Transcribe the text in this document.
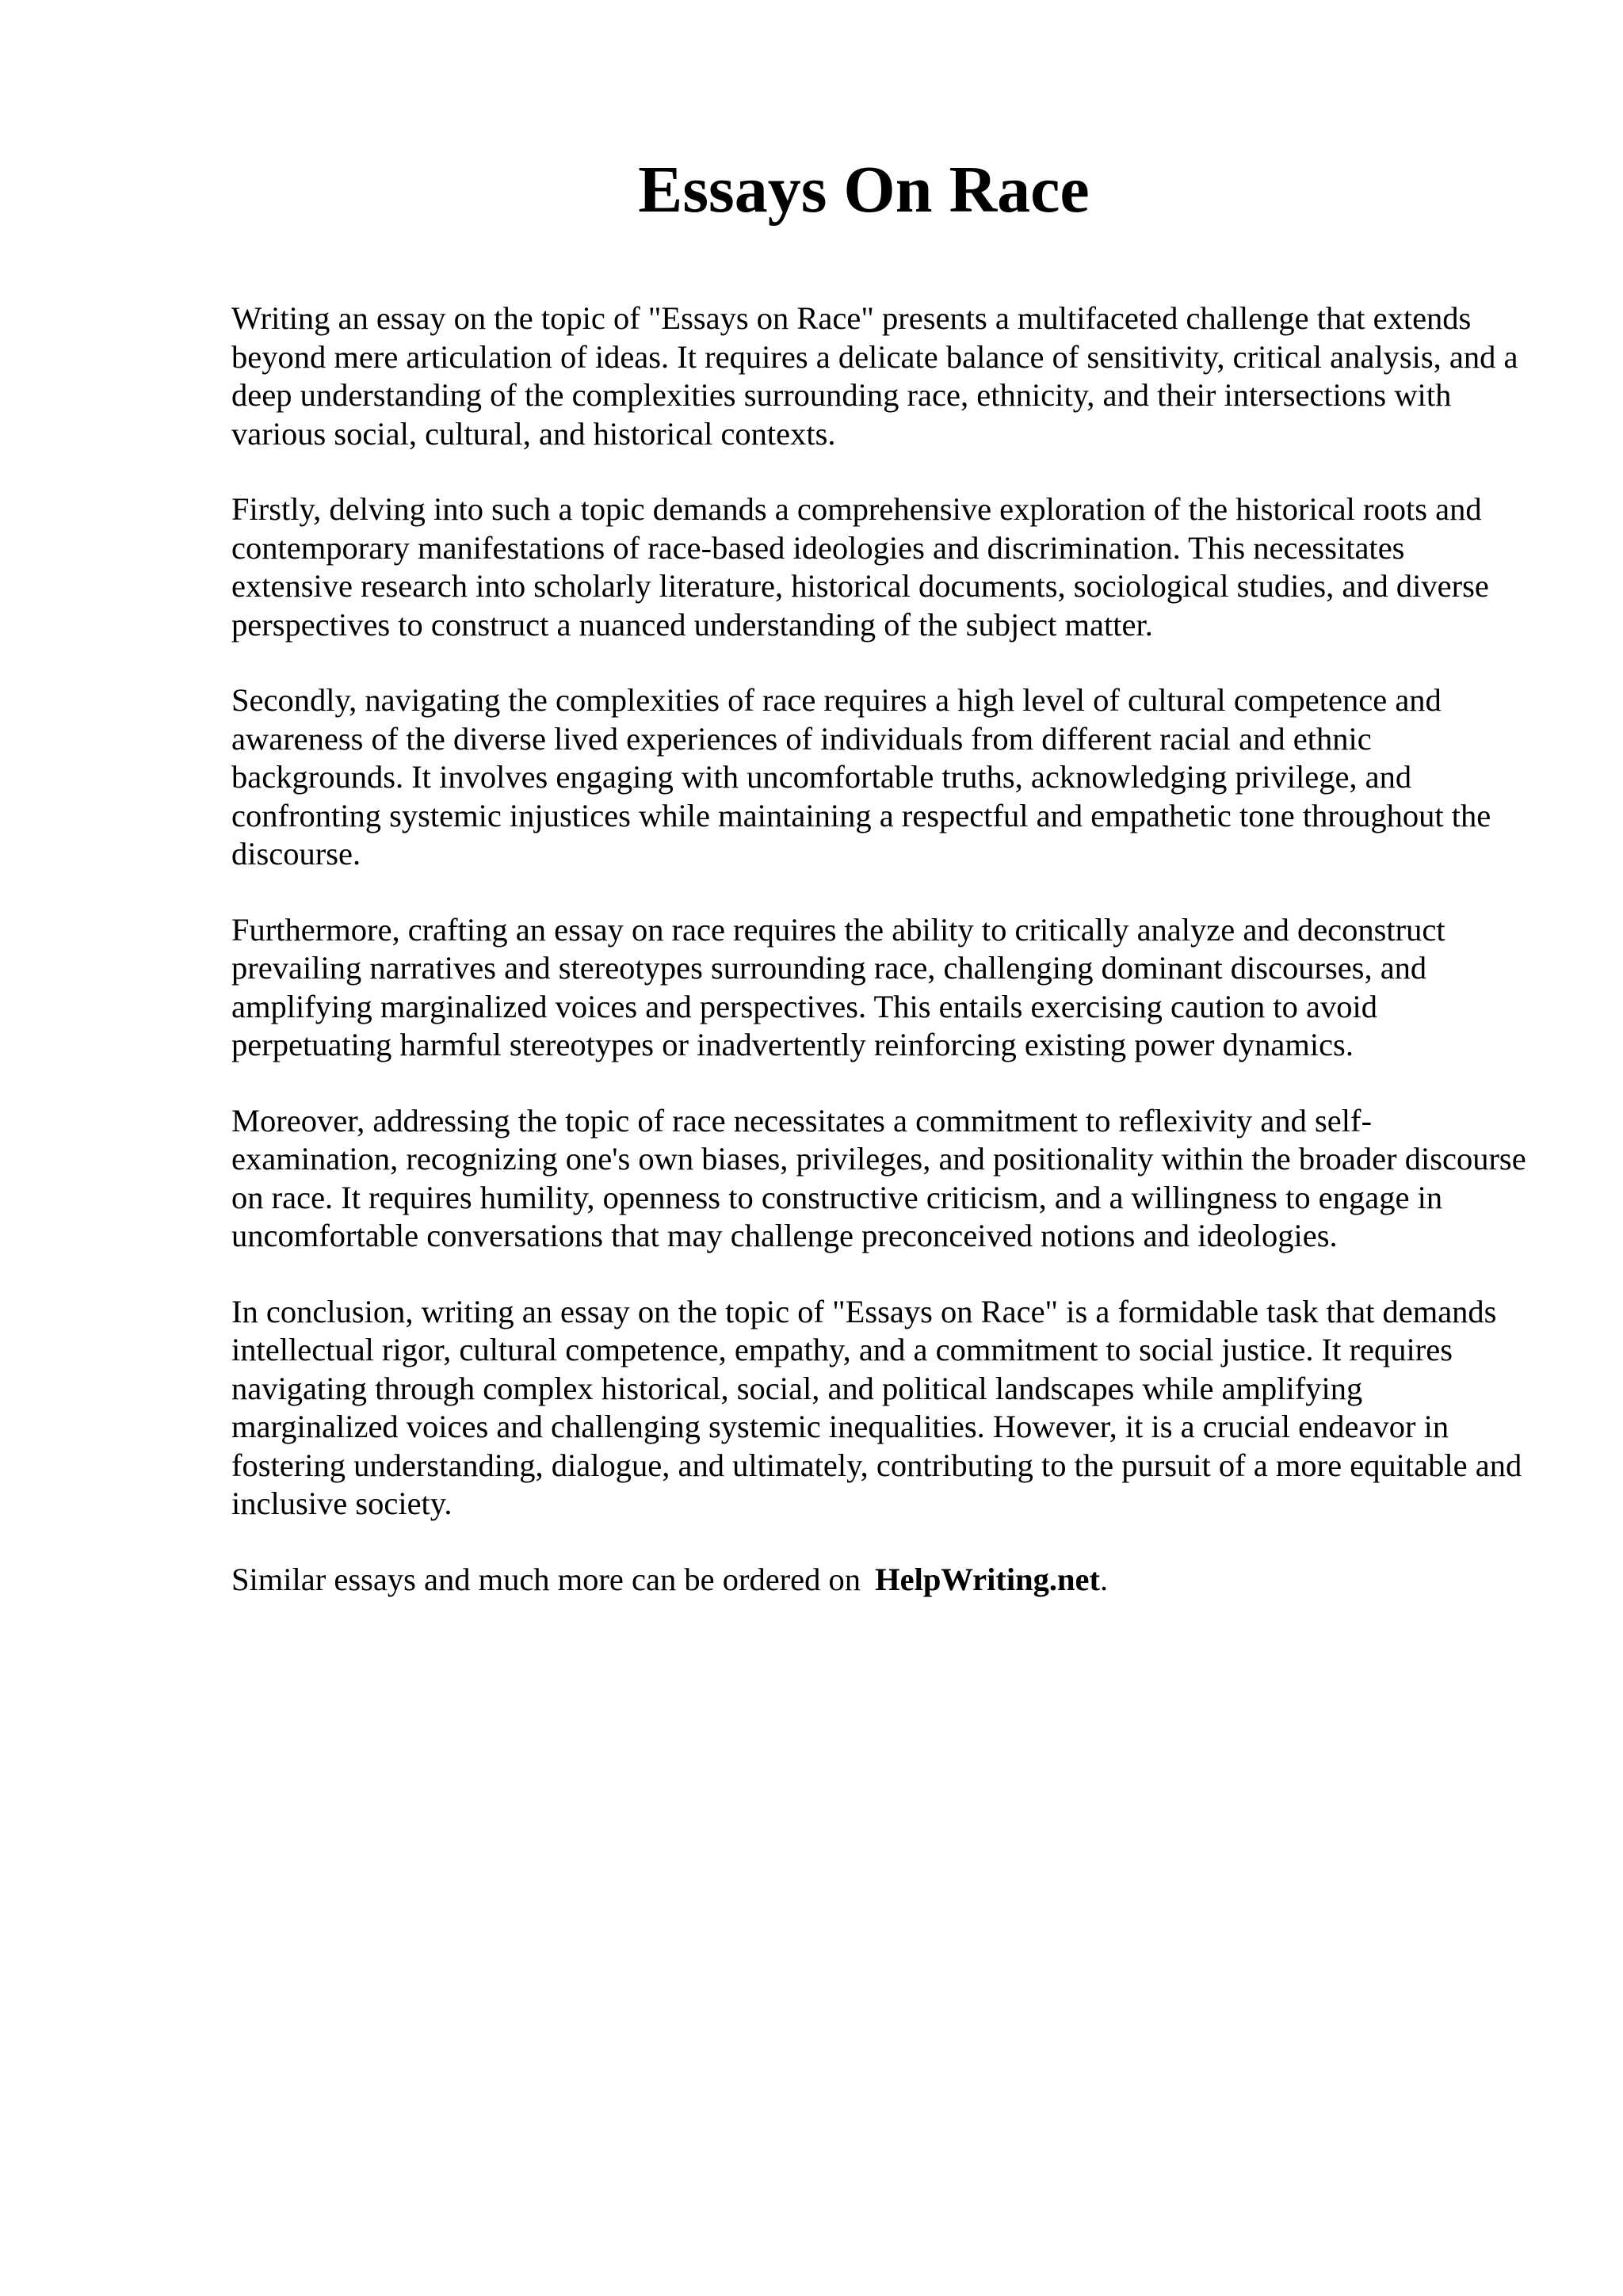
Essays On Race

Writing an essay on the topic of "Essays on Race" presents a multifaceted challenge that extends beyond mere articulation of ideas. It requires a delicate balance of sensitivity, critical analysis, and a deep understanding of the complexities surrounding race, ethnicity, and their intersections with various social, cultural, and historical contexts.

Firstly, delving into such a topic demands a comprehensive exploration of the historical roots and contemporary manifestations of race-based ideologies and discrimination. This necessitates extensive research into scholarly literature, historical documents, sociological studies, and diverse perspectives to construct a nuanced understanding of the subject matter.

Secondly, navigating the complexities of race requires a high level of cultural competence and awareness of the diverse lived experiences of individuals from different racial and ethnic backgrounds. It involves engaging with uncomfortable truths, acknowledging privilege, and confronting systemic injustices while maintaining a respectful and empathetic tone throughout the discourse.

Furthermore, crafting an essay on race requires the ability to critically analyze and deconstruct prevailing narratives and stereotypes surrounding race, challenging dominant discourses, and amplifying marginalized voices and perspectives. This entails exercising caution to avoid perpetuating harmful stereotypes or inadvertently reinforcing existing power dynamics.

Moreover, addressing the topic of race necessitates a commitment to reflexivity and self-examination, recognizing one's own biases, privileges, and positionality within the broader discourse on race. It requires humility, openness to constructive criticism, and a willingness to engage in uncomfortable conversations that may challenge preconceived notions and ideologies.

In conclusion, writing an essay on the topic of "Essays on Race" is a formidable task that demands intellectual rigor, cultural competence, empathy, and a commitment to social justice. It requires navigating through complex historical, social, and political landscapes while amplifying marginalized voices and challenging systemic inequalities. However, it is a crucial endeavor in fostering understanding, dialogue, and ultimately, contributing to the pursuit of a more equitable and inclusive society.

Similar essays and much more can be ordered on HelpWriting.net.
